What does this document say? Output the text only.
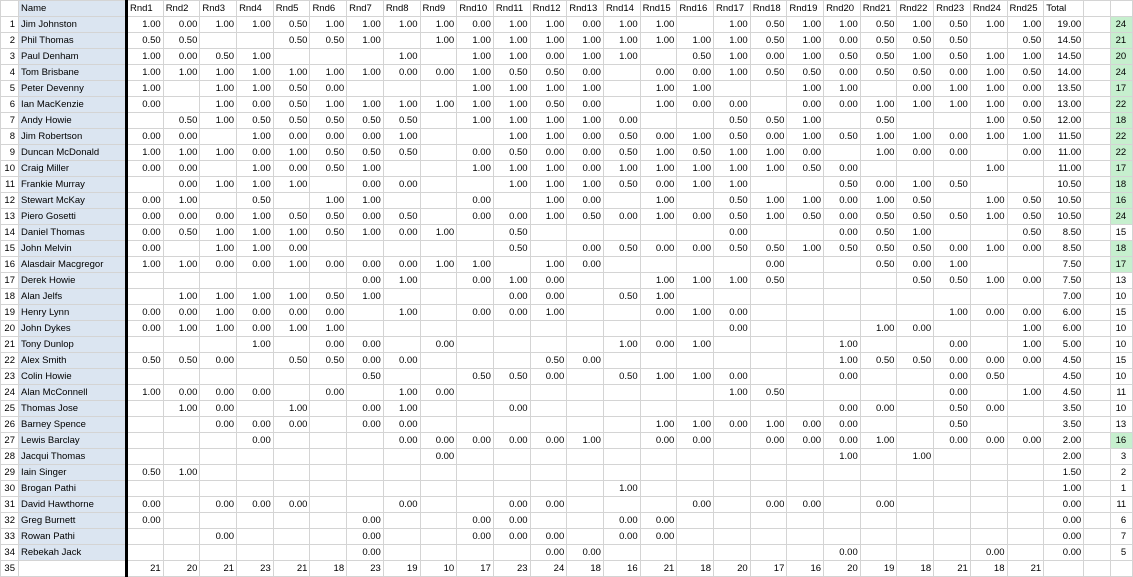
	Name	Rnd1	Rnd2	Rnd3	Rnd4	Rnd5	Rnd6	Rnd7	Rnd8	Rnd9	Rnd10	Rnd11	Rnd12	Rnd13	Rnd14	Rnd15	Rnd16	Rnd17	Rnd18	Rnd19	Rnd20	Rnd21	Rnd22	Rnd23	Rnd24	Rnd25	Total		
1	Jim Johnston	1.00	0.00	1.00	1.00	0.50	1.00	1.00	1.00	1.00	0.00	1.00	1.00	0.00	1.00	1.00		1.00	0.50	1.00	1.00	0.50	1.00	0.50	1.00	1.00	19.00		24
2	Phil Thomas	0.50	0.50			0.50	0.50	1.00		1.00	1.00	1.00	1.00	1.00	1.00	1.00	1.00	1.00	0.50	1.00	0.00	0.50	0.50	0.50		0.50	14.50		21
3	Paul Denham	1.00	0.00	0.50	1.00				1.00		1.00	1.00	0.00	1.00	1.00		0.50	1.00	0.00	1.00	0.50	0.50	1.00	0.50	1.00	1.00	14.50		20
4	Tom Brisbane	1.00	1.00	1.00	1.00	1.00	1.00	1.00	0.00	0.00	1.00	0.50	0.50	0.00		0.00	0.00	1.00	0.50	0.50	0.00	0.50	0.50	0.00	1.00	0.50	14.00		24
5	Peter Devenny	1.00		1.00	1.00	0.50	0.00				1.00	1.00	1.00	1.00		1.00	1.00			1.00	1.00		0.00	1.00	1.00	0.00	13.50		17
6	Ian MacKenzie	0.00		1.00	0.00	0.50	1.00	1.00	1.00	1.00	1.00	1.00	0.50	0.00		1.00	0.00	0.00		0.00	0.00	1.00	1.00	1.00	1.00	0.00	13.00		22
7	Andy Howie		0.50	1.00	0.50	0.50	0.50	0.50	0.50		1.00	1.00	1.00	1.00	0.00			0.50	0.50	1.00		0.50			1.00	0.50	12.00		18
8	Jim Robertson	0.00	0.00		1.00	0.00	0.00	0.00	1.00			1.00	1.00	0.00	0.50	0.00	1.00	0.50	0.00	1.00	0.50	1.00	1.00	0.00	1.00	1.00	11.50		22
9	Duncan McDonald	1.00	1.00	1.00	0.00	1.00	0.50	0.50	0.50		0.00	0.50	0.00	0.00	0.50	1.00	0.50	1.00	1.00	0.00		1.00	0.00	0.00		0.00	11.00		22
10	Craig Miller	0.00	0.00		1.00	0.00	0.50	1.00			1.00	1.00	1.00	0.00	1.00	1.00	1.00	1.00	1.00	0.50	0.00				1.00		11.00		17
11	Frankie Murray		0.00	1.00	1.00	1.00		0.00	0.00			1.00	1.00	1.00	0.50	0.00	1.00	1.00			0.50	0.00	1.00	0.50			10.50		18
12	Stewart McKay	0.00	1.00		0.50		1.00	1.00			0.00		1.00	0.00		1.00		0.50	1.00	1.00	0.00	1.00	0.50		1.00	0.50	10.50		16
13	Piero Gosetti	0.00	0.00	0.00	1.00	0.50	0.50	0.00	0.50		0.00	0.00	1.00	0.50	0.00	1.00	0.00	0.50	1.00	0.50	0.00	0.50	0.50	0.50	1.00	0.50	10.50		24
14	Daniel Thomas	0.00	0.50	1.00	1.00	1.00	0.50	1.00	0.00	1.00		0.50						0.00			0.00	0.50	1.00			0.50	8.50		15
15	John Melvin	0.00		1.00	1.00	0.00						0.50		0.00	0.50	0.00	0.00	0.50	0.50	1.00	0.50	0.50	0.50	0.00	1.00	0.00	8.50		18
16	Alasdair Macgregor	1.00	1.00	0.00	0.00	1.00	0.00	0.00	0.00	1.00	1.00		1.00	0.00					0.00			0.50	0.00	1.00			7.50		17
17	Derek Howie							0.00	1.00		0.00	1.00	0.00			1.00	1.00	1.00	0.50				0.50	0.50	1.00	0.00	7.50		13
18	Alan Jelfs		1.00	1.00	1.00	1.00	0.50	1.00				0.00	0.00		0.50	1.00											7.00		10
19	Henry Lynn	0.00	0.00	1.00	0.00	0.00	0.00		1.00		0.00	0.00	1.00			0.00	1.00	0.00						1.00	0.00	0.00	6.00		15
20	John Dykes	0.00	1.00	1.00	0.00	1.00	1.00											0.00				1.00	0.00			1.00	6.00		10
21	Tony Dunlop				1.00		0.00	0.00		0.00					1.00	0.00	1.00				1.00			0.00		1.00	5.00		10
22	Alex Smith	0.50	0.50	0.00		0.50	0.50	0.00	0.00				0.50	0.00							1.00	0.50	0.50	0.00	0.00	0.00	4.50		15
23	Colin Howie							0.50			0.50	0.50	0.00		0.50	1.00	1.00	0.00			0.00			0.00	0.50		4.50		10
24	Alan McConnell	1.00	0.00	0.00	0.00		0.00		1.00	0.00								1.00	0.50					0.00		1.00	4.50		11
25	Thomas Jose		1.00	0.00		1.00		0.00	1.00			0.00									0.00	0.00		0.50	0.00		3.50		10
26	Barney Spence			0.00	0.00	0.00		0.00	0.00							1.00	1.00	0.00	1.00	0.00	0.00			0.50			3.50		13
27	Lewis Barclay				0.00				0.00	0.00	0.00	0.00	0.00	1.00		0.00	0.00		0.00	0.00	0.00	1.00		0.00	0.00	0.00	2.00		16
28	Jacqui Thomas									0.00											1.00		1.00				2.00		3
29	Iain Singer	0.50	1.00																								1.50		2
30	Brogan Pathi														1.00												1.00		1
31	David Hawthorne	0.00		0.00	0.00	0.00			0.00			0.00	0.00				0.00		0.00	0.00		0.00					0.00		11
32	Greg Burnett	0.00						0.00			0.00	0.00			0.00	0.00											0.00		6
33	Rowan Pathi			0.00				0.00			0.00	0.00	0.00		0.00	0.00											0.00		7
34	Rebekah Jack							0.00					0.00	0.00							0.00				0.00		0.00		5
35		21	20	21	23	21	18	23	19	10	17	23	24	18	16	21	18	20	17	16	20	19	18	21	18	21			
